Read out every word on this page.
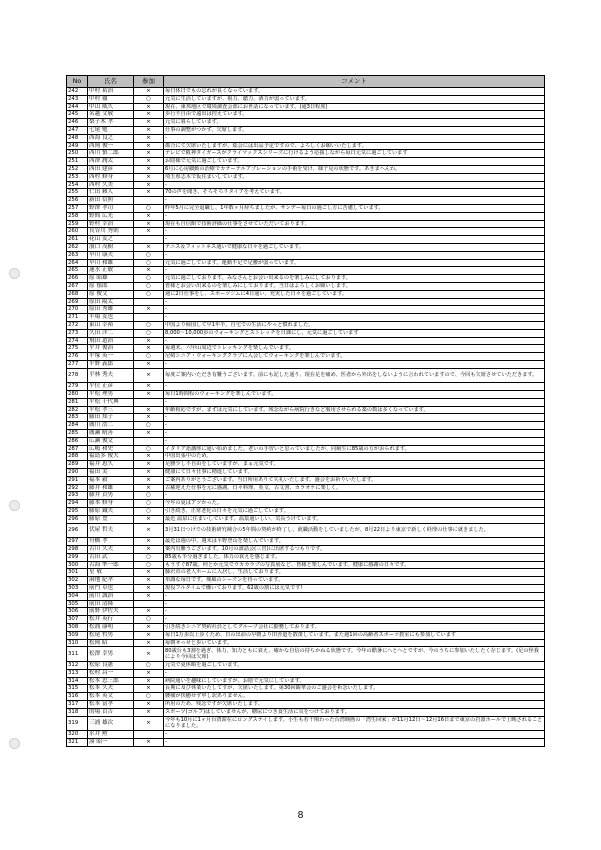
No	氏名	参加	コメント
242	中村 祐治	×	毎日休日でもの忘れが良くなっています。
243	中村 徹	○	元気に生活していますが、視力、聴力、酒力が弱っています。
244	中山 威久	×	現在、東邦地区で環境調査会部にお世話になっています。(通3日程度)
245	名越 文敬	×	歩行不自由で遠出は控えています。
246	梨子木 孝	×	元気に暮らしています。
247	七尾 勉	×	仕事の調整がつかず、欠席します。
248	西海 良之	×	-
249	西岡 俊一	×	都合にて欠席いたしますが、総会には出品予定ですので、よろしくお願いいたします。
250	西川 慎二郎	×	テレビで阪神タイガースがクライマックスシリーズに行けるよう応援しながら毎日元気に過ごしています
251	西澤 潤太	×	お陰様で元気に過ごしています。
252	西田 建彦	×	6月に心房細動の治療でカテーテルアブレーションの手術を受け、様子見の状態です。あきまへんわ。
253	西村 修身	×	埼玉県志木で仮住まいしています。
254	西村 久美	×	-
255	仁田 頼人	×	70の声を聞き、そろそろリタイアを考えています。
256	新田 信照		-
257	野澤 孝司	○	昨年5月に完全退職し、1年数ヶ月経ちましたが、サンデー毎日の過ごし方に苦慮しています。
258	野間 広光	×	-
259	野村 幸治	×	現在も自信館で技術評価の仕事をさせていただいております。
260	長谷川 秀則	×	-
261	花山 友之		-
262	濱口 茂樹	×	テニス＆フィットネス通いで健康な日々を過ごしています。
263	早川 康夫	○	-
264	早川 和雄	○	元気に過ごしています。運動不足で足腰が弱っています。
265	速水 正敏	×	-
266	原 昭雄	○	元気に過ごしております。みなさんとお会い出来るのを楽しみにしております。
267	原 郁郎	○	皆様とお会い出来るのを楽しみにしております。当日はよろしくお願いします。
268	原 俊文	○	週に2日仕事をし、スポーツジムに4日通い、充実した日々を過ごしています。
269	原田 陽太		-
270	原田 秀雄	×	-
271	半場 友也		-
272	東山 幸裕	○	中国より帰国して早1年半。自宅での生活にやっと慣れました。
273	久田 洋二	○	8,000〜10,000歩のウォーキングとストレッチを日課にし、元気に過ごしています
274	飛田 道治	×	-
275	平井 俊治	×	毎週末、六甲山周辺でトレッキングを楽しんでいます。
276	平塚 英一	○	尼崎シニア・ウォーキングクラブに入会してウォーキングを楽しんでいます。
277	平野 義郎	×	-
278	平林 秀夫	×	毎度ご案内いただき有難うございます。前にも記した通り、現在足を痛め、医者から外出をしないように言われていますので、今回も欠席させていただきます。
279	平位 正彦	×	-
280	平松 理男	×	毎日1時間程のウォーキングを楽しんでいます。
281	平松 千代典		-
282	平松 孝三	×	年齢相応ですが、まずは元気にしています。残念ながら病院行きなど服用させられる薬の数は多くなっています。
283	藤田 知子	×	-
284	廣川 浩二	○	-
285	廣瀬 晴善	×	-
286	広瀬 俊文		-
287	広嶋 和史	○	イタリア語講座に通い始めました。老いの手習いと思っていましたが、同級生に85歳の方がおられます。
288	福島多 俊夫	×	中国出張中のため。
289	福井 恵久	×	足腰少し不自由をしていますが、まぁ元気です。
290	福田 実	×	健康にて日々仕事に精進しています。
291	福本 毅	×	ご案内ありがとうございます。当日所用ありて失礼いたします。盛会をお祈りいたします。
292	藤井 和雄	×	古稀迎えた仕事を元に感謝。日々料理、英文、古文書、カラオケに楽しく。
293	藤井 貞男	○	-
294	藤本 修身	○	今年の夏はアツかった。
295	藤原 鐵夫	○	引き続き、正常老化の日々を元気に過ごしています。
296	藤原 豊	×	最近 温泉に住まいしています。温泉通いしい、気長うけています。
296	伏屋 哲夫	×	3月31日つけでの技術研究補合の5年間の契約が終了し、就職活動をしていましたが、8月22日より東京で新しく経理の仕事に就きました。
297	舟橋 孝	×	最近は週の中、週末は平野登山を楽しんでいます。
298	古川 久夫	×	案内有難うございます。10月の談話会(三宮)に出席するつもりです。
299	古田 武	○	85歳も半分過ぎました。体力の衰えを感じます。
300	古海 準一郎	○	もうすぐ87歳。何とか元気でウカカラブの写真展など、皆様と楽しんでいます。健康に感謝の日々です。
301	星 敬	×	藤沢市の老人ホームに入居し、生活しております。
302	洞地 紀孝	×	単調な毎日です。痩風のシーズンを待っています。
303	前門 卓也	×	現役フルタイムで働いております。62歳の割には元気です!
304	前川 誠治	×	-
305	前田 清隆		-
306	前野 伊佐夫	×	-
307	松井 英行	○	-
308	松浦 康明	×	引き続きシニア契約社員としてグループ会社に勤務しております。
309	松尾 哲男	×	毎日1万歩以上歩くため、日の出前の早朝より田舎道を散策しています。また週1回の高齢者スポーツ教室にも参加しています
310	松岡 昭	×	毎朝せっせと歩いています。
311	松澤 幸男	×	80歳台も3割を過ぎ、体力、知力ともに衰え、確かな自信の持ちかねる状態です。今年の酷暑にへとへとですが、今のうちに参加いたしたく存じます。(足の怪我により今回は欠席)
312	松原 良憲	○	元気で夏休暇を過ごしています。
313	松村 昌一	×	-
314	松本 忠三郎	×	病院通いを趣味にしていますが、お陰で元気にしています。
315	松本 久夫	×	長期に及び休業いたしてすが、欠席いたします。第30回観華会のご盛会を祈念いたします。
316	松本 英文	○	腰痛が快癒せず申し訳ありません。
317	松本 富孝	×	所用のため、残念ですが欠席いたします。
318	的場 貞吉	×	スポーツ(ゴルフ)はしていませんが、糖尿につき食生活に気をつけております。
319	三浦 雄次	×	今年も10月に1ヶ月台湾滞在にロングステイします。小生も若干関わった台湾映画の「湾生回家」が11月12日〜12月16日まで東京の岩波ホールで上映されることになりました。
320	水井 勲		-
321	湊 昭一	×	-
8
